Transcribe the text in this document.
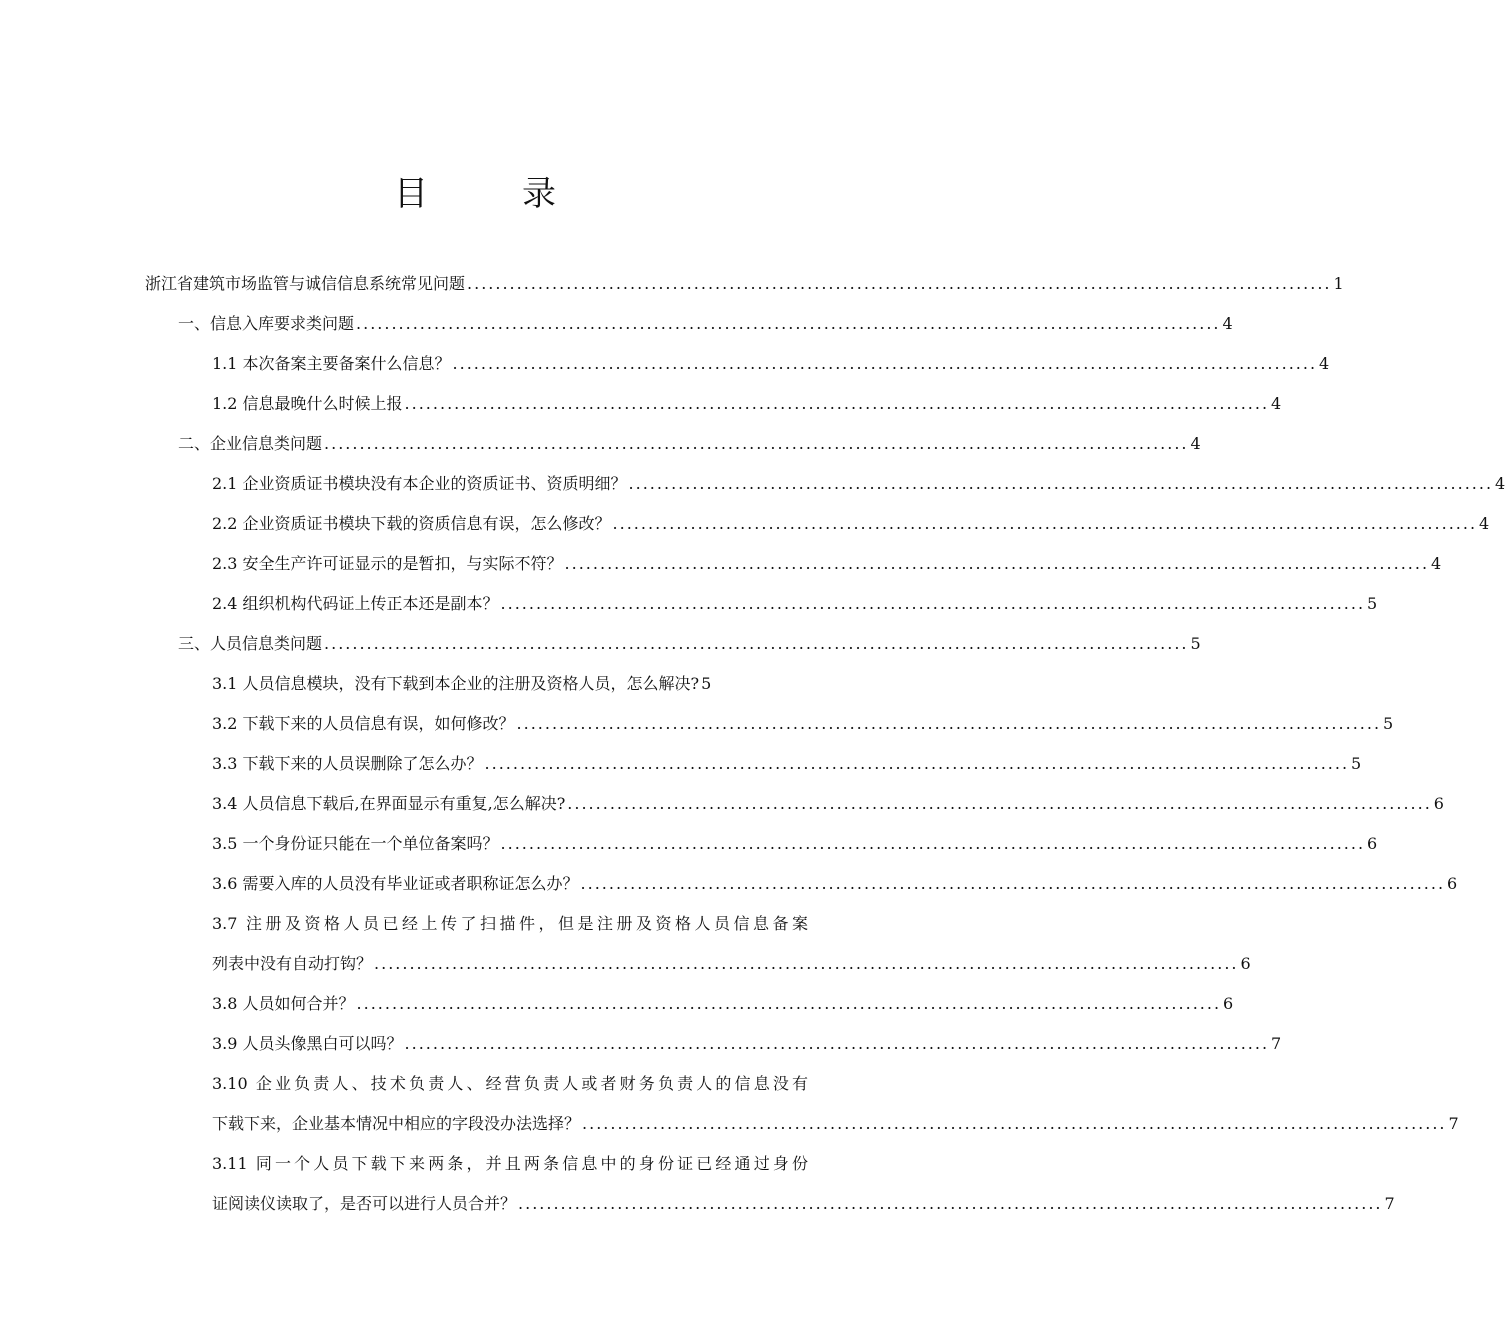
目　录
浙江省建筑市场监管与诚信信息系统常见问题 .......................................................................................................................... 1
一、信息入库要求类问题 .......................................................................................................................... 4
1.1 本次备案主要备案什么信息？ .......................................................................................................................... 4
1.2 信息最晚什么时候上报 .......................................................................................................................... 4
二、企业信息类问题 .......................................................................................................................... 4
2.1 企业资质证书模块没有本企业的资质证书、资质明细？ .......................................................................................................................... 4
2.2 企业资质证书模块下载的资质信息有误，怎么修改？ .......................................................................................................................... 4
2.3 安全生产许可证显示的是暂扣，与实际不符？ .......................................................................................................................... 4
2.4 组织机构代码证上传正本还是副本？ .......................................................................................................................... 5
三、人员信息类问题 .......................................................................................................................... 5
3.1 人员信息模块，没有下载到本企业的注册及资格人员，怎么解决? 5
3.2 下载下来的人员信息有误，如何修改？ .......................................................................................................................... 5
3.3 下载下来的人员误删除了怎么办？ .......................................................................................................................... 5
3.4 人员信息下载后,在界面显示有重复,怎么解决? .......................................................................................................................... 6
3.5 一个身份证只能在一个单位备案吗？ .......................................................................................................................... 6
3.6 需要入库的人员没有毕业证或者职称证怎么办？ .......................................................................................................................... 6
3.7 注册及资格人员已经上传了扫描件，但是注册及资格人员信息备案
列表中没有自动打钩？ .......................................................................................................................... 6
3.8 人员如何合并？ .......................................................................................................................... 6
3.9 人员头像黑白可以吗？ .......................................................................................................................... 7
3.10 企业负责人、技术负责人、经营负责人或者财务负责人的信息没有
下载下来，企业基本情况中相应的字段没办法选择？ .......................................................................................................................... 7
3.11 同一个人员下载下来两条，并且两条信息中的身份证已经通过身份
证阅读仪读取了，是否可以进行人员合并？ .......................................................................................................................... 7
